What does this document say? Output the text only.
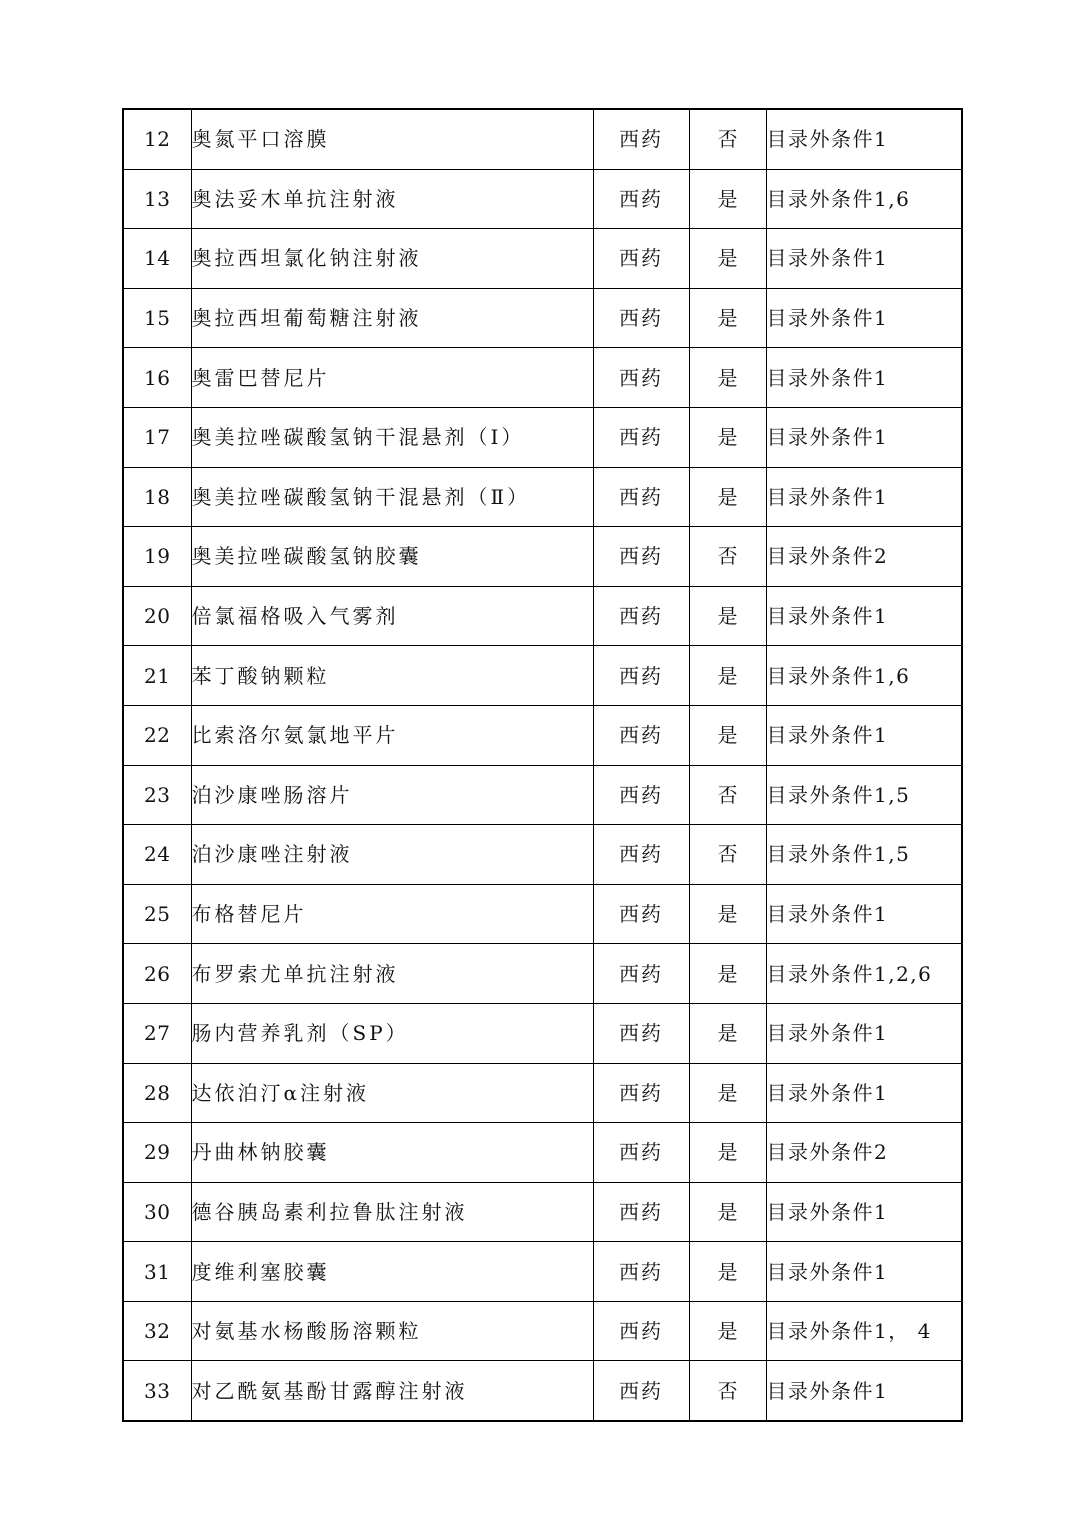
12	奥氮平口溶膜	西药	否	目录外条件1
13	奥法妥木单抗注射液	西药	是	目录外条件1,6
14	奥拉西坦氯化钠注射液	西药	是	目录外条件1
15	奥拉西坦葡萄糖注射液	西药	是	目录外条件1
16	奥雷巴替尼片	西药	是	目录外条件1
17	奥美拉唑碳酸氢钠干混悬剂（I）	西药	是	目录外条件1
18	奥美拉唑碳酸氢钠干混悬剂（Ⅱ）	西药	是	目录外条件1
19	奥美拉唑碳酸氢钠胶囊	西药	否	目录外条件2
20	倍氯福格吸入气雾剂	西药	是	目录外条件1
21	苯丁酸钠颗粒	西药	是	目录外条件1,6
22	比索洛尔氨氯地平片	西药	是	目录外条件1
23	泊沙康唑肠溶片	西药	否	目录外条件1,5
24	泊沙康唑注射液	西药	否	目录外条件1,5
25	布格替尼片	西药	是	目录外条件1
26	布罗索尤单抗注射液	西药	是	目录外条件1,2,6
27	肠内营养乳剂（SP）	西药	是	目录外条件1
28	达依泊汀α注射液	西药	是	目录外条件1
29	丹曲林钠胶囊	西药	是	目录外条件2
30	德谷胰岛素利拉鲁肽注射液	西药	是	目录外条件1
31	度维利塞胶囊	西药	是	目录外条件1
32	对氨基水杨酸肠溶颗粒	西药	是	目录外条件1， 4
33	对乙酰氨基酚甘露醇注射液	西药	否	目录外条件1
